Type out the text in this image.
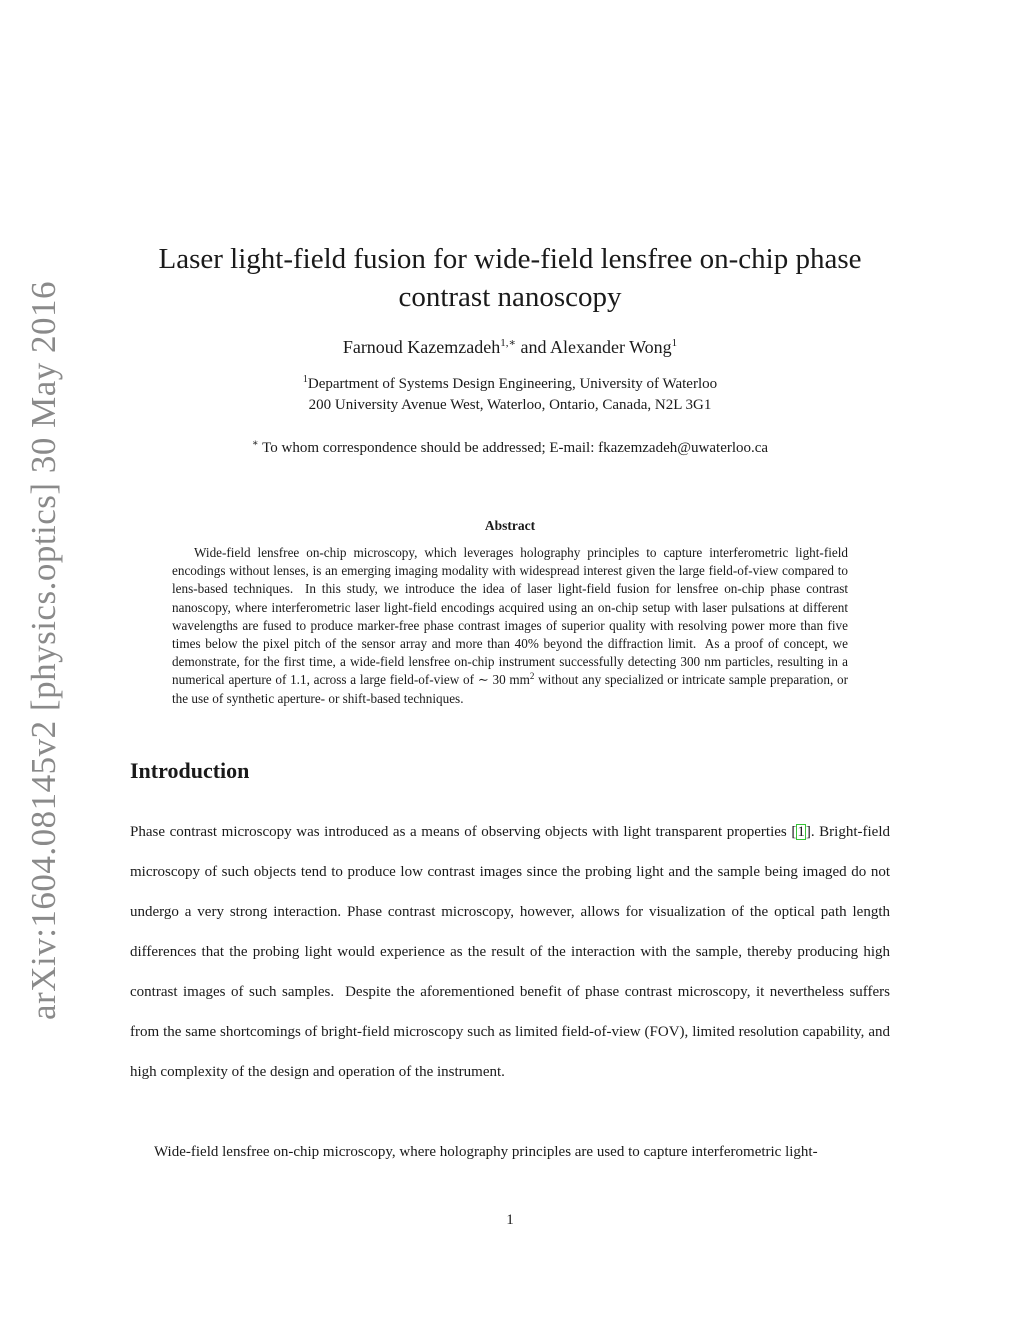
arXiv:1604.08145v2 [physics.optics] 30 May 2016
Laser light-field fusion for wide-field lensfree on-chip phase contrast nanoscopy
Farnoud Kazemzadeh$^{1,∗}$ and Alexander Wong$^1$
$^1$Department of Systems Design Engineering, University of Waterloo
200 University Avenue West, Waterloo, Ontario, Canada, N2L 3G1
∗ To whom correspondence should be addressed; E-mail: fkazemzadeh@uwaterloo.ca
Abstract

Wide-field lensfree on-chip microscopy, which leverages holography principles to capture interferometric light-field encodings without lenses, is an emerging imaging modality with widespread interest given the large field-of-view compared to lens-based techniques.  In this study, we introduce the idea of laser light-field fusion for lensfree on-chip phase contrast nanoscopy, where interferometric laser light-field encodings acquired using an on-chip setup with laser pulsations at different wavelengths are fused to produce marker-free phase contrast images of superior quality with resolving power more than five times below the pixel pitch of the sensor array and more than 40% beyond the diffraction limit.  As a proof of concept, we demonstrate, for the first time, a wide-field lensfree on-chip instrument successfully detecting 300 nm particles, resulting in a numerical aperture of 1.1, across a large field-of-view of ∼ 30 $mm^2$ without any specialized or intricate sample preparation, or the use of synthetic aperture- or shift-based techniques.

Introduction

Phase contrast microscopy was introduced as a means of observing objects with light transparent properties [1]. Bright-field microscopy of such objects tend to produce low contrast images since the probing light and the sample being imaged do not undergo a very strong interaction. Phase contrast microscopy, however, allows for visualization of the optical path length differences that the probing light would experience as the result of the interaction with the sample, thereby producing high contrast images of such samples.  Despite the aforementioned benefit of phase contrast microscopy, it nevertheless suffers from the same shortcomings of bright-field microscopy such as limited field-of-view (FOV), limited resolution capability, and high complexity of the design and operation of the instrument.

Wide-field lensfree on-chip microscopy, where holography principles are used to capture interferometric light-

1
